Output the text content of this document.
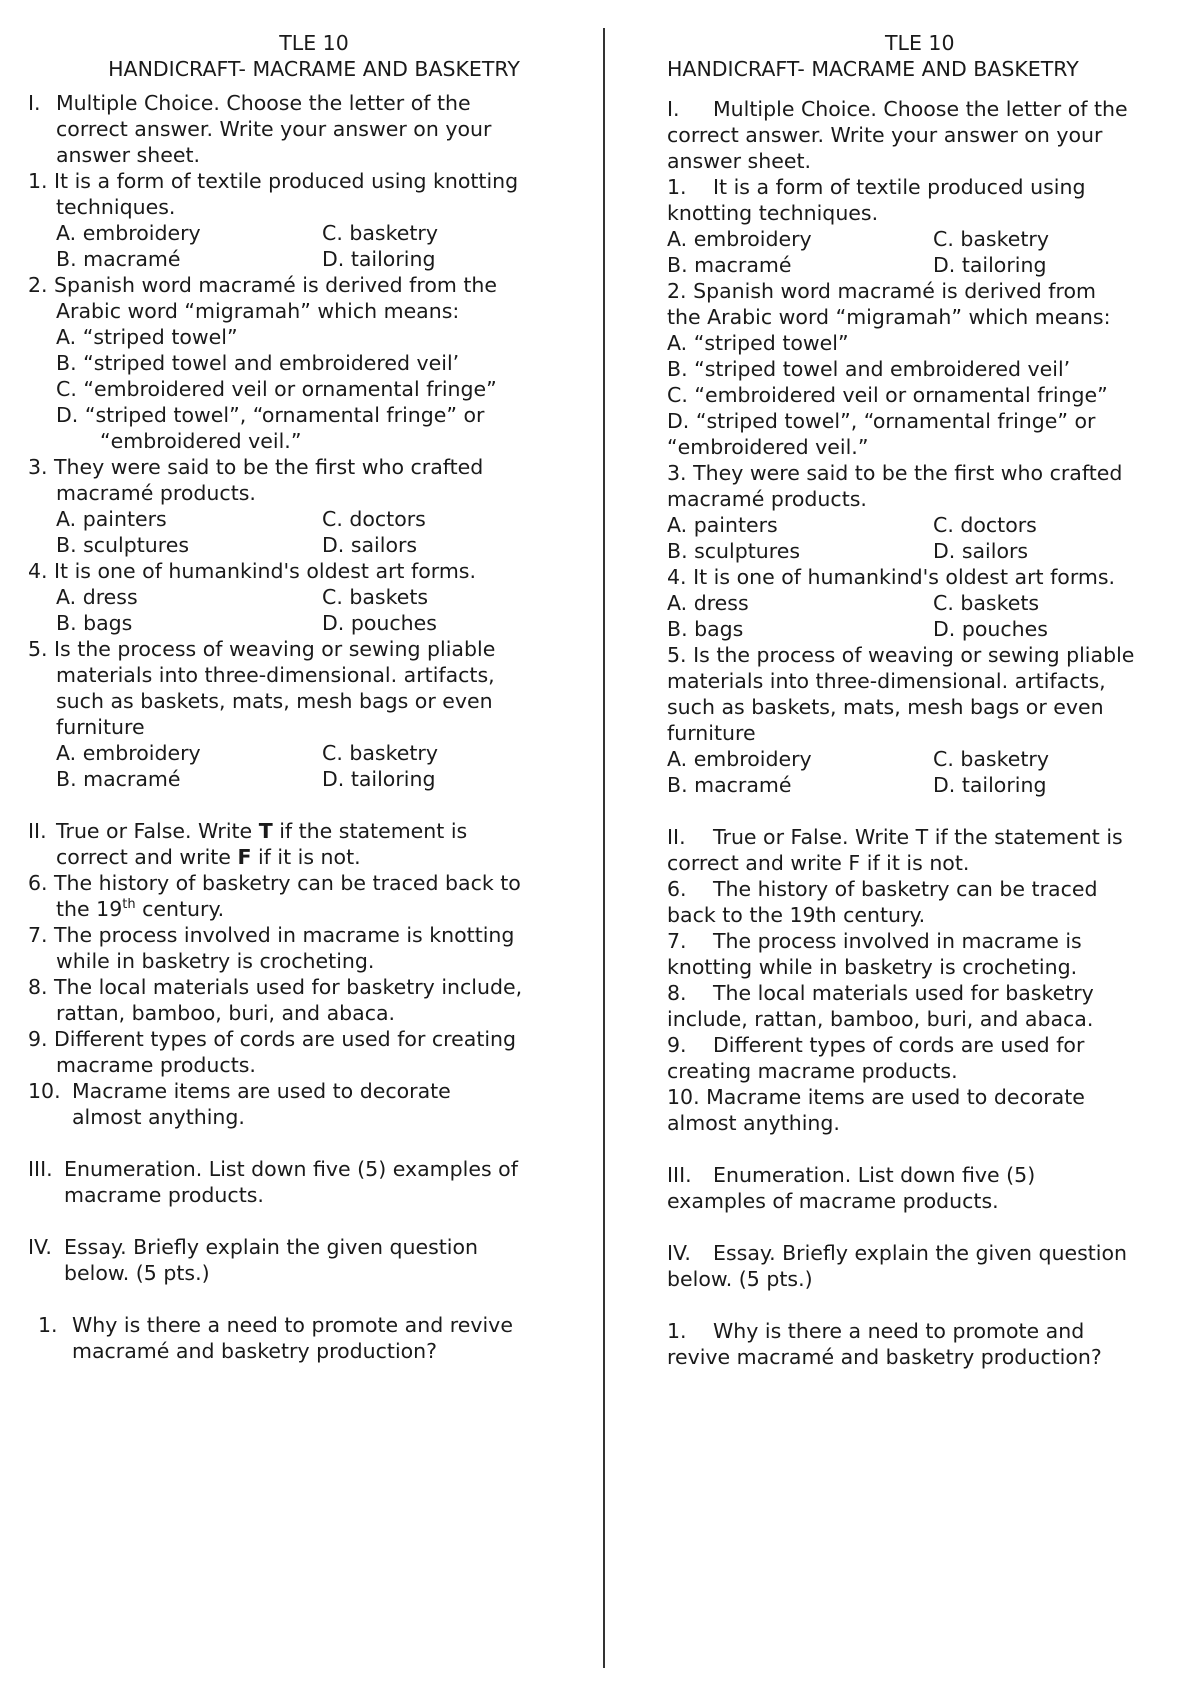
TLE 10
HANDICRAFT- MACRAME AND BASKETRY
I. Multiple Choice. Choose the letter of the
correct answer. Write your answer on your
answer sheet.
1. It is a form of textile produced using knotting
techniques.
A. embroidery	C. basketry
B. macramé	D. tailoring
2. Spanish word macramé is derived from the
Arabic word “migramah” which means:
A. “striped towel”
B. “striped towel and embroidered veil’
C. “embroidered veil or ornamental fringe”
D. “striped towel”, “ornamental fringe” or
“embroidered veil.”
3. They were said to be the first who crafted
macramé products.
A. painters	C. doctors
B. sculptures	D. sailors
4. It is one of humankind's oldest art forms.
A. dress	C. baskets
B. bags	D. pouches
5. Is the process of weaving or sewing pliable
materials into three-dimensional. artifacts,
such as baskets, mats, mesh bags or even
furniture
A. embroidery	C. basketry
B. macramé	D. tailoring
II. True or False. Write T if the statement is
correct and write F if it is not.
6. The history of basketry can be traced back to
the 19th century.
7. The process involved in macrame is knotting
while in basketry is crocheting.
8. The local materials used for basketry include,
rattan, bamboo, buri, and abaca.
9. Different types of cords are used for creating
macrame products.
10. Macrame items are used to decorate
almost anything.
III. Enumeration. List down five (5) examples of
macrame products.
IV. Essay. Briefly explain the given question
below. (5 pts.)
1. Why is there a need to promote and revive
macramé and basketry production?
TLE 10
HANDICRAFT- MACRAME AND BASKETRY
I. Multiple Choice. Choose the letter of the
correct answer. Write your answer on your
answer sheet.
1. It is a form of textile produced using
knotting techniques.
A. embroidery	C. basketry
B. macramé	D. tailoring
2. Spanish word macramé is derived from
the Arabic word “migramah” which means:
A. “striped towel”
B. “striped towel and embroidered veil’
C. “embroidered veil or ornamental fringe”
D. “striped towel”, “ornamental fringe” or
“embroidered veil.”
3. They were said to be the first who crafted
macramé products.
A. painters	C. doctors
B. sculptures	D. sailors
4. It is one of humankind's oldest art forms.
A. dress	C. baskets
B. bags	D. pouches
5. Is the process of weaving or sewing pliable
materials into three-dimensional. artifacts,
such as baskets, mats, mesh bags or even
furniture
A. embroidery	C. basketry
B. macramé	D. tailoring
II. True or False. Write T if the statement is
correct and write F if it is not.
6. The history of basketry can be traced
back to the 19th century.
7. The process involved in macrame is
knotting while in basketry is crocheting.
8. The local materials used for basketry
include, rattan, bamboo, buri, and abaca.
9. Different types of cords are used for
creating macrame products.
10. Macrame items are used to decorate
almost anything.
III. Enumeration. List down five (5)
examples of macrame products.
IV. Essay. Briefly explain the given question
below. (5 pts.)
1. Why is there a need to promote and
revive macramé and basketry production?
